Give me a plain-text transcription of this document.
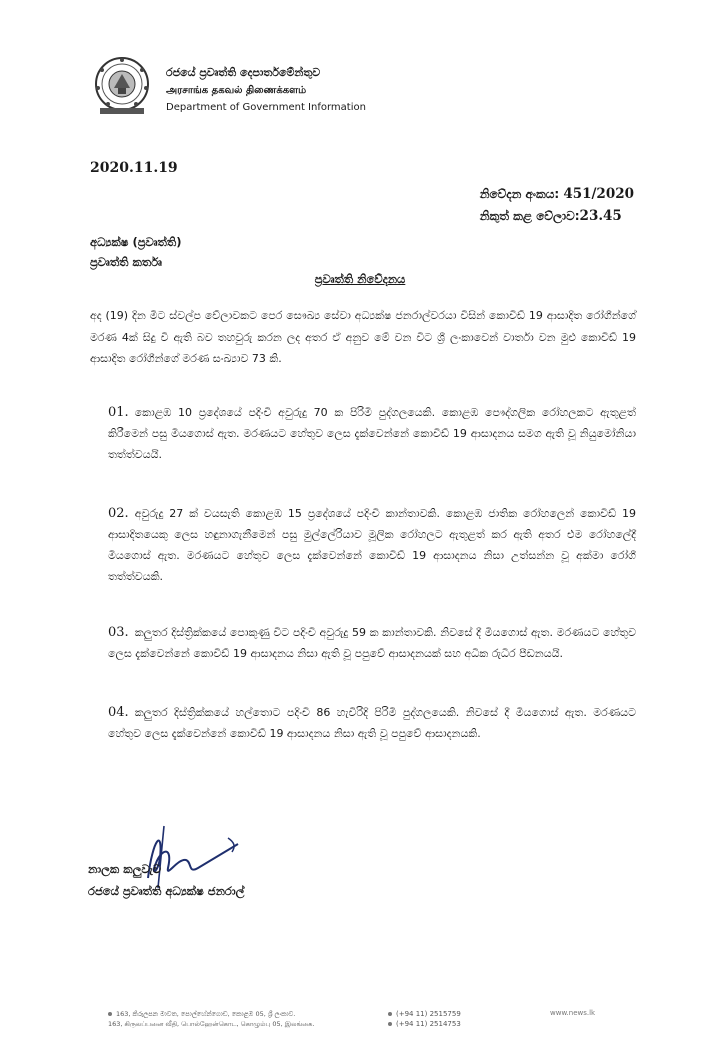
රජයේ ප්‍රවෘත්ති දෙපාර්තමේන්තුව
அரசாங்க தகவல் திணைக்களம்
Department of Government Information
2020.11.19
නිවේදන අංකය: 451/2020
නිකුත් කළ වේලාව:23.45
අධ්‍යක්ෂ (ප්‍රවෘත්ති)
ප්‍රවෘත්ති කර්තෘ
ප්‍රවෘත්ති නිවේදනය
අද (19) දින මීට ස්වල්ප වේලාවකට පෙර සෞඛ්‍ය සේවා අධ්‍යක්ෂ ජනරාල්වරයා විසින් කොවිඩ් 19 ආසාදිත රෝගීන්ගේ මරණ 4ක් සිදු වී ඇති බව තහවුරු කරන ලද අතර ඒ අනුව මේ වන විට ශ්‍රී ලංකාවෙන් වාර්තා වන මුළු කොවිඩ් 19 ආසාදිත රෝගීන්ගේ මරණ සංඛ්‍යාව 73 කි.
01. කොළඹ 10 ප්‍රදේශයේ පදිංචි අවුරුදු 70 ක පිරිමි පුද්ගලයෙකි. කොළඹ පෞද්ගලික රෝහලකට ඇතුළත් කිරීමෙන් පසු මියගොස් ඇත. මරණයට හේතුව ලෙස දැක්වෙන්නේ කොවිඩ් 19 ආසාදනය සමග ඇති වූ නියුමෝනියා තත්ත්වයයි.
02. අවුරුදු 27 ක් වයසැති කොළඹ 15 ප්‍රදේශයේ පදිංචි කාන්තාවකි. කොළඹ ජාතික රෝහලෙන් කොවිඩ් 19 ආසාදිතයෙකු ලෙස හඳුනාගැනීමෙන් පසු මුල්ලේරියාව මූලික රෝහලට ඇතුළත් කර ඇති අතර එම රෝහලේදී මියගොස් ඇත. මරණයට හේතුව ලෙස දැක්වෙන්නේ කොවිඩ් 19 ආසාදනය නිසා උත්සන්න වූ අක්මා රෝගී තත්ත්වයකි.
03. කලුතර දිස්ත්‍රික්කයේ පොකුණු විට පදිංචි අවුරුදු 59 ක කාන්තාවකි. නිවසේ දී මියගොස් ඇත. මරණයට හේතුව ලෙස දැක්වෙන්නේ කොවිඩ් 19 ආසාදනය නිසා ඇති වූ පපුවේ ආසාදනයක් සහ අධික රුධිර පීඩනයයි.
04. කලුතර දිස්ත්‍රික්කයේ හල්තොට පදිංචි 86 හැවිරිදි පිරිමි පුද්ගලයෙකි. නිවසේ දී මියගොස් ඇත. මරණයට හේතුව ලෙස දැක්වෙන්නේ කොවිඩ් 19 ආසාදනය නිසා ඇති වූ පපුවේ ආසාදනයකි.
නාලක කලුවැව
රජයේ ප්‍රවෘත්ති අධ්‍යක්ෂ ජනරාල්
163, කිරුලපන මාවත, පොල්හේන්ගොඩ, කොළඹ 05, ශ්‍රී ලංකාව.
163, கிருலப்பனை வீதி, பொல்ஹேன்கொட, கொழும்பு 05, இலங்கை.
(+94 11) 2515759
(+94 11) 2514753
www.news.lk
